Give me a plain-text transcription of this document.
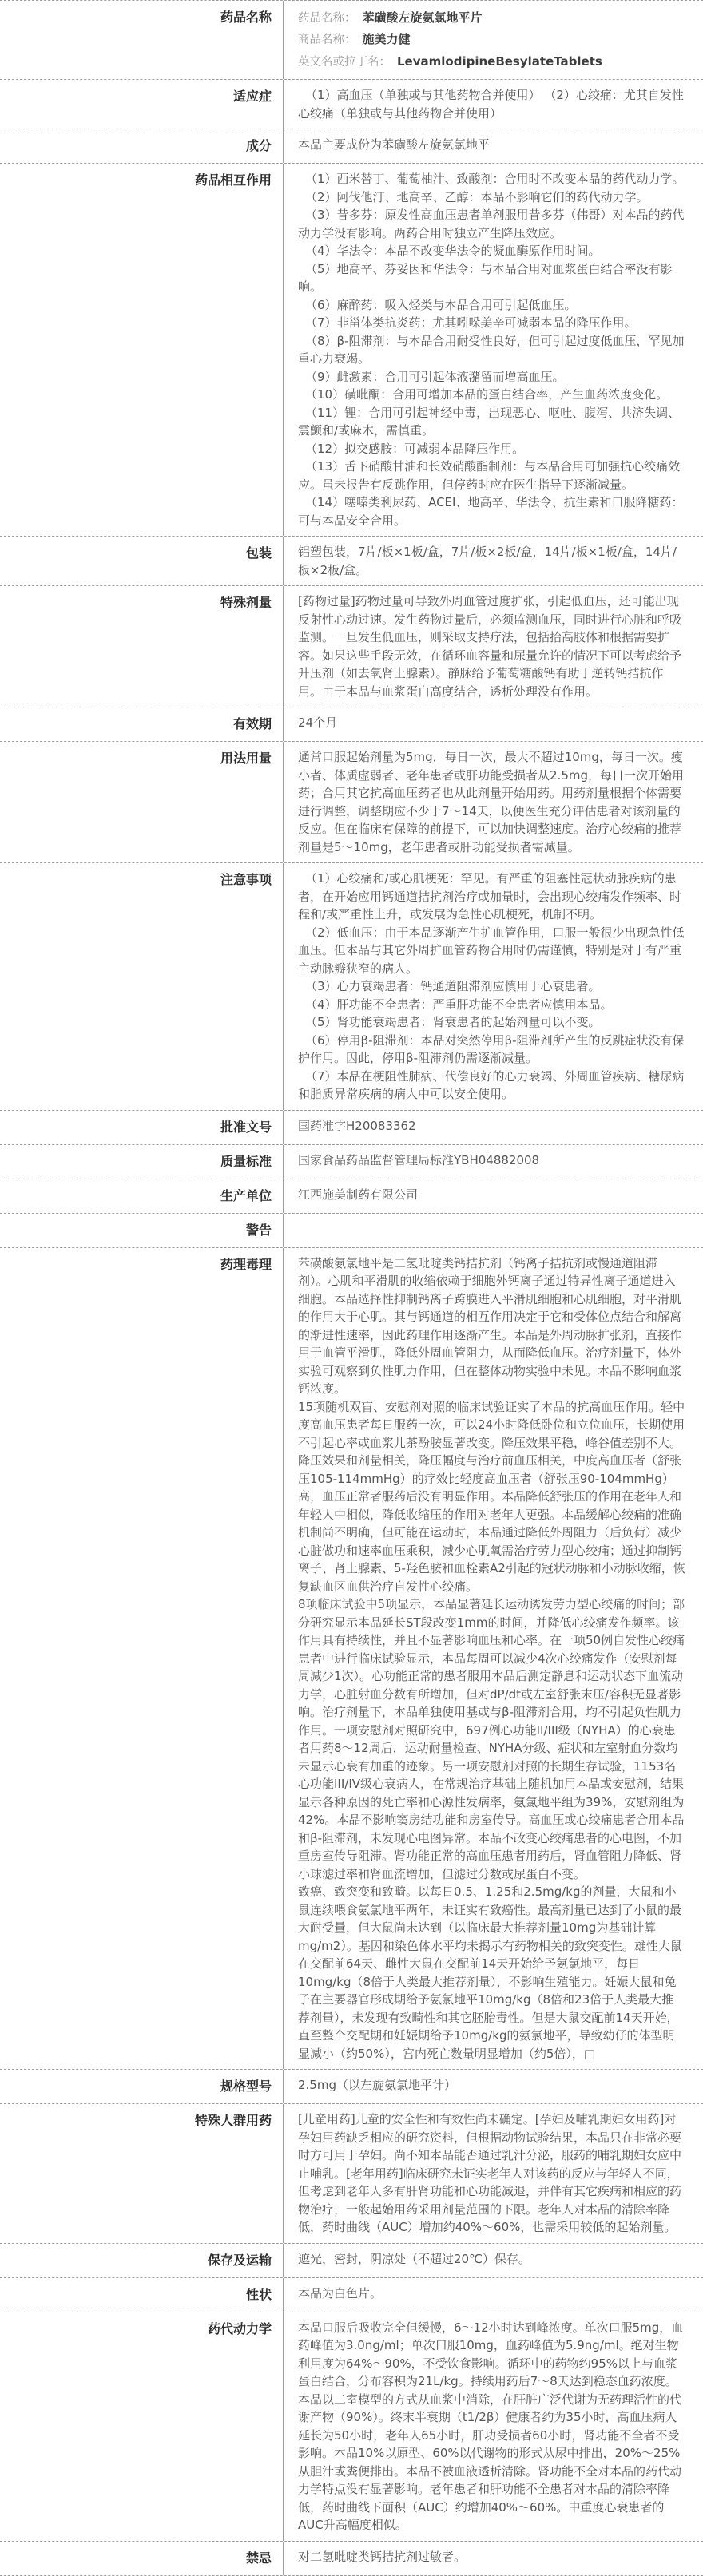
药品名称	药品名称： 苯磺酸左旋氨氯地平片
商品名称： 施美力健
英文名或拉丁名： LevamlodipineBesylateTablets
适应症	（1）高血压（单独或与其他药物合并使用） （2）心绞痛：尤其自发性心绞痛（单独或与其他药物合并使用）

成分	本品主要成份为苯磺酸左旋氨氯地平

药品相互作用	（1）西米替丁、葡萄柚汁、致酸剂：合用时不改变本品的药代动力学。

（2）阿伐他汀、地高辛、乙醇：本品不影响它们的药代动力学。

（3）昔多芬：原发性高血压患者单剂服用昔多芬（伟哥）对本品的药代动力学没有影响。两药合用时独立产生降压效应。

（4）华法令：本品不改变华法令的凝血酶原作用时间。

（5）地高辛、芬妥因和华法令：与本品合用对血浆蛋白结合率没有影响。

（6）麻醉药：吸入烃类与本品合用可引起低血压。

（7）非甾体类抗炎药：尤其吲哚美辛可减弱本品的降压作用。

（8）β-阻滞剂：与本品合用耐受性良好，但可引起过度低血压，罕见加重心力衰竭。

（9）雌激素：合用可引起体液潴留而增高血压。

（10）磺吡酮：合用可增加本品的蛋白结合率，产生血药浓度变化。

（11）锂：合用可引起神经中毒，出现恶心、呕吐、腹泻、共济失调、震颤和/或麻木，需慎重。

（12）拟交感胺：可减弱本品降压作用。

（13）舌下硝酸甘油和长效硝酸酯制剂：与本品合用可加强抗心绞痛效应。虽未报告有反跳作用，但停药时应在医生指导下逐渐减量。

（14）噻嗪类利尿药、ACEI、地高辛、华法令、抗生素和口服降糖药：可与本品安全合用。

包装	铝塑包装，7片/板×1板/盒，7片/板×2板/盒，14片/板×1板/盒，14片/板×2板/盒。

特殊剂量	[药物过量]药物过量可导致外周血管过度扩张，引起低血压，还可能出现反射性心动过速。发生药物过量后，必须监测血压，同时进行心脏和呼吸监测。一旦发生低血压，则采取支持疗法，包括抬高肢体和根据需要扩容。如果这些手段无效，在循环血容量和尿量允许的情况下可以考虑给予升压剂（如去氧肾上腺素）。静脉给予葡萄糖酸钙有助于逆转钙拮抗作用。由于本品与血浆蛋白高度结合，透析处理没有作用。

有效期	24个月

用法用量	通常口服起始剂量为5mg，每日一次，最大不超过10mg，每日一次。瘦小者、体质虚弱者、老年患者或肝功能受损者从2.5mg，每日一次开始用药；合用其它抗高血压药者也从此剂量开始用药。用药剂量根据个体需要进行调整，调整期应不少于7～14天，以便医生充分评估患者对该剂量的反应。但在临床有保障的前提下，可以加快调整速度。治疗心绞痛的推荐剂量是5～10mg，老年患者或肝功能受损者需减量。

注意事项	（1）心绞痛和/或心肌梗死：罕见。有严重的阻塞性冠状动脉疾病的患者，在开始应用钙通道拮抗剂治疗或加量时，会出现心绞痛发作频率、时程和/或严重性上升，或发展为急性心肌梗死，机制不明。

（2）低血压：由于本品逐渐产生扩血管作用，口服一般很少出现急性低血压。但本品与其它外周扩血管药物合用时仍需谨慎，特别是对于有严重主动脉瓣狭窄的病人。

（3）心力衰竭患者：钙通道阻滞剂应慎用于心衰患者。

（4）肝功能不全患者：严重肝功能不全患者应慎用本品。

（5）肾功能衰竭患者：肾衰患者的起始剂量可以不变。

（6）停用β-阻滞剂：本品对突然停用β-阻滞剂所产生的反跳症状没有保护作用。因此，停用β-阻滞剂仍需逐渐减量。

（7）本品在梗阻性肺病、代偿良好的心力衰竭、外周血管疾病、糖尿病和脂质异常疾病的病人中可以安全使用。

批准文号	国药准字H20083362

质量标准	国家食品药品监督管理局标准YBH04882008

生产单位	江西施美制药有限公司

警告
药理毒理	苯磺酸氨氯地平是二氢吡啶类钙拮抗剂（钙离子拮抗剂或慢通道阻滞剂）。心肌和平滑肌的收缩依赖于细胞外钙离子通过特异性离子通道进入细胞。本品选择性抑制钙离子跨膜进入平滑肌细胞和心肌细胞，对平滑肌的作用大于心肌。其与钙通道的相互作用决定于它和受体位点结合和解离的渐进性速率，因此药理作用逐渐产生。本品是外周动脉扩张剂，直接作用于血管平滑肌，降低外周血管阻力，从而降低血压。治疗剂量下，体外实验可观察到负性肌力作用，但在整体动物实验中未见。本品不影响血浆钙浓度。

15项随机双盲、安慰剂对照的临床试验证实了本品的抗高血压作用。轻中度高血压患者每日服药一次，可以24小时降低卧位和立位血压，长期使用不引起心率或血浆儿茶酚胺显著改变。降压效果平稳，峰谷值差别不大。降压效果和剂量相关，降压幅度与治疗前血压相关，中度高血压者（舒张压105-114mmHg）的疗效比轻度高血压者（舒张压90-104mmHg）高，血压正常者服药后没有明显作用。本品降低舒张压的作用在老年人和年轻人中相似，降低收缩压的作用对老年人更强。本品缓解心绞痛的准确机制尚不明确，但可能在运动时，本品通过降低外周阻力（后负荷）减少心脏做功和速率血压乘积，减少心肌氧需治疗劳力型心绞痛；通过抑制钙离子、肾上腺素、5-羟色胺和血栓素A2引起的冠状动脉和小动脉收缩，恢复缺血区血供治疗自发性心绞痛。

8项临床试验中5项显示，本品显著延长运动诱发劳力型心绞痛的时间；部分研究显示本品延长ST段改变1mm的时间，并降低心绞痛发作频率。该作用具有持续性，并且不显著影响血压和心率。在一项50例自发性心绞痛患者中进行临床试验显示，本品每周可以减少4次心绞痛发作（安慰剂每周减少1次）。心功能正常的患者服用本品后测定静息和运动状态下血流动力学，心脏射血分数有所增加，但对dP/dt或左室舒张末压/容积无显著影响。治疗剂量下，本品单独使用基或与β-阻滞剂合用，均不引起负性肌力作用。一项安慰剂对照研究中，697例心功能II/III级（NYHA）的心衰患者用药8～12周后，运动耐量检查、NYHA分级、症状和左室射血分数均未显示心衰有加重的迹象。另一项安慰剂对照的长期生存试验，1153名心功能III/IV级心衰病人，在常规治疗基础上随机加用本品或安慰剂，结果显示各种原因的死亡率和心源性发病率，氨氯地平组为39%，安慰剂组为42%。本品不影响窦房结功能和房室传导。高血压或心绞痛患者合用本品和β-阻滞剂，未发现心电图异常。本品不改变心绞痛患者的心电图，不加重房室传导阻滞。肾功能正常的高血压患者用药后，肾血管阻力降低、肾小球滤过率和肾血流增加，但滤过分数或尿蛋白不变。

致癌、致突变和致畸。以每日0.5、1.25和2.5mg/kg的剂量，大鼠和小鼠连续喂食氨氯地平两年，未证实有致癌性。最高剂量已达到了小鼠的最大耐受量，但大鼠尚未达到（以临床最大推荐剂量10mg为基础计算mg/m2）。基因和染色体水平均未揭示有药物相关的致突变性。雄性大鼠在交配前64天、雌性大鼠在交配前14天开始给予氨氯地平，每日10mg/kg（8倍于人类最大推荐剂量），不影响生殖能力。妊娠大鼠和兔子在主要器官形成期给予氨氯地平10mg/kg（8倍和23倍于人类最大推荐剂量），未发现有致畸性和其它胚胎毒性。但是大鼠交配前14天开始，直至整个交配期和妊娠期给予10mg/kg的氨氯地平，导致幼仔的体型明显减小（约50%），宫内死亡数量明显增加（约5倍），□

规格型号	2.5mg（以左旋氨氯地平计）

特殊人群用药	[儿童用药]儿童的安全性和有效性尚未确定。[孕妇及哺乳期妇女用药]对孕妇用药缺乏相应的研究资料，但根据动物试验结果，本品只在非常必要时方可用于孕妇。尚不知本品能否通过乳汁分泌，服药的哺乳期妇女应中止哺乳。[老年用药]临床研究未证实老年人对该药的反应与年轻人不同，但考虑到老年人多有肝肾功能和心功能减退，并伴有其它疾病和相应的药物治疗，一般起始用药采用剂量范围的下限。老年人对本品的清除率降低，药时曲线（AUC）增加约40%～60%，也需采用较低的起始剂量。

保存及运输	遮光，密封，阴凉处（不超过20℃）保存。

性状	本品为白色片。

药代动力学	本品口服后吸收完全但缓慢，6～12小时达到峰浓度。单次口服5mg，血药峰值为3.0ng/ml；单次口服10mg，血药峰值为5.9ng/ml。绝对生物利用度为64%～90%，不受饮食影响。循环中的药物约95%以上与血浆蛋白结合，分布容积为21L/kg。持续用药后7～8天达到稳态血药浓度。本品以二室模型的方式从血浆中消除，在肝脏广泛代谢为无药理活性的代谢产物（90%）。终末半衰期（t1/2β）健康者约为35小时，高血压病人延长为50小时，老年人65小时，肝功受损者60小时，肾功能不全者不受影响。本品10%以原型、60%以代谢物的形式从尿中排出，20%～25%从胆汁或粪便排出。本品不被血液透析清除。肾功能不全对本品的药代动力学特点没有显著影响。老年患者和肝功能不全患者对本品的清除率降低，药时曲线下面积（AUC）约增加40%～60%。中重度心衰患者的AUC升高幅度相似。

禁忌	对二氢吡啶类钙拮抗剂过敏者。
